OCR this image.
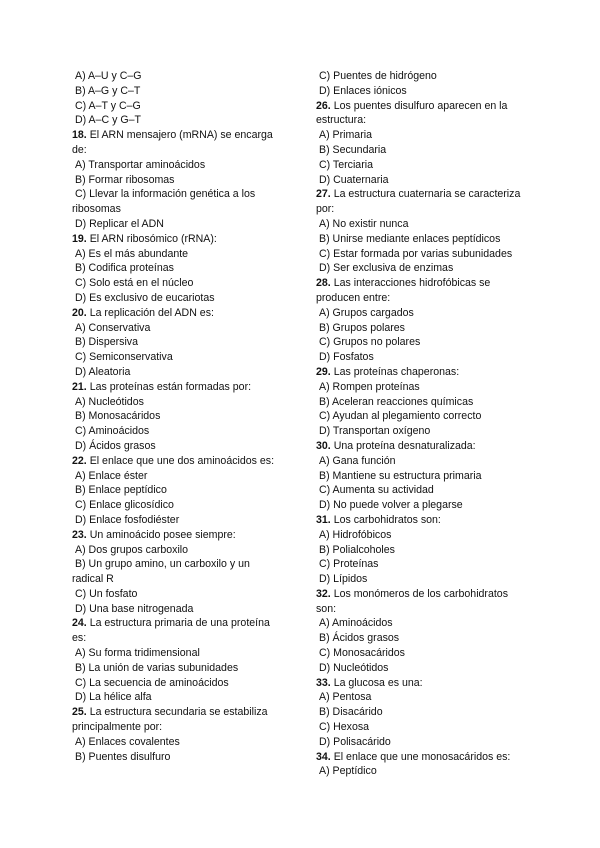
A) A–U y C–G
B) A–G y C–T
C) A–T y C–G
D) A–C y G–T
18. El ARN mensajero (mRNA) se encarga de:
A) Transportar aminoácidos
B) Formar ribosomas
C) Llevar la información genética a los ribosomas
D) Replicar el ADN
19. El ARN ribosómico (rRNA):
A) Es el más abundante
B) Codifica proteínas
C) Solo está en el núcleo
D) Es exclusivo de eucariotas
20. La replicación del ADN es:
A) Conservativa
B) Dispersiva
C) Semiconservativa
D) Aleatoria
21. Las proteínas están formadas por:
A) Nucleótidos
B) Monosacáridos
C) Aminoácidos
D) Ácidos grasos
22. El enlace que une dos aminoácidos es:
A) Enlace éster
B) Enlace peptídico
C) Enlace glicosídico
D) Enlace fosfodiéster
23. Un aminoácido posee siempre:
A) Dos grupos carboxilo
B) Un grupo amino, un carboxilo y un radical R
C) Un fosfato
D) Una base nitrogenada
24. La estructura primaria de una proteína es:
A) Su forma tridimensional
B) La unión de varias subunidades
C) La secuencia de aminoácidos
D) La hélice alfa
25. La estructura secundaria se estabiliza principalmente por:
A) Enlaces covalentes
B) Puentes disulfuro
C) Puentes de hidrógeno
D) Enlaces iónicos
26. Los puentes disulfuro aparecen en la estructura:
A) Primaria
B) Secundaria
C) Terciaria
D) Cuaternaria
27. La estructura cuaternaria se caracteriza por:
A) No existir nunca
B) Unirse mediante enlaces peptídicos
C) Estar formada por varias subunidades
D) Ser exclusiva de enzimas
28. Las interacciones hidrofóbicas se producen entre:
A) Grupos cargados
B) Grupos polares
C) Grupos no polares
D) Fosfatos
29. Las proteínas chaperonas:
A) Rompen proteínas
B) Aceleran reacciones químicas
C) Ayudan al plegamiento correcto
D) Transportan oxígeno
30. Una proteína desnaturalizada:
A) Gana función
B) Mantiene su estructura primaria
C) Aumenta su actividad
D) No puede volver a plegarse
31. Los carbohidratos son:
A) Hidrofóbicos
B) Polialcoholes
C) Proteínas
D) Lípidos
32. Los monómeros de los carbohidratos son:
A) Aminoácidos
B) Ácidos grasos
C) Monosacáridos
D) Nucleótidos
33. La glucosa es una:
A) Pentosa
B) Disacárido
C) Hexosa
D) Polisacárido
34. El enlace que une monosacáridos es:
A) Peptídico
